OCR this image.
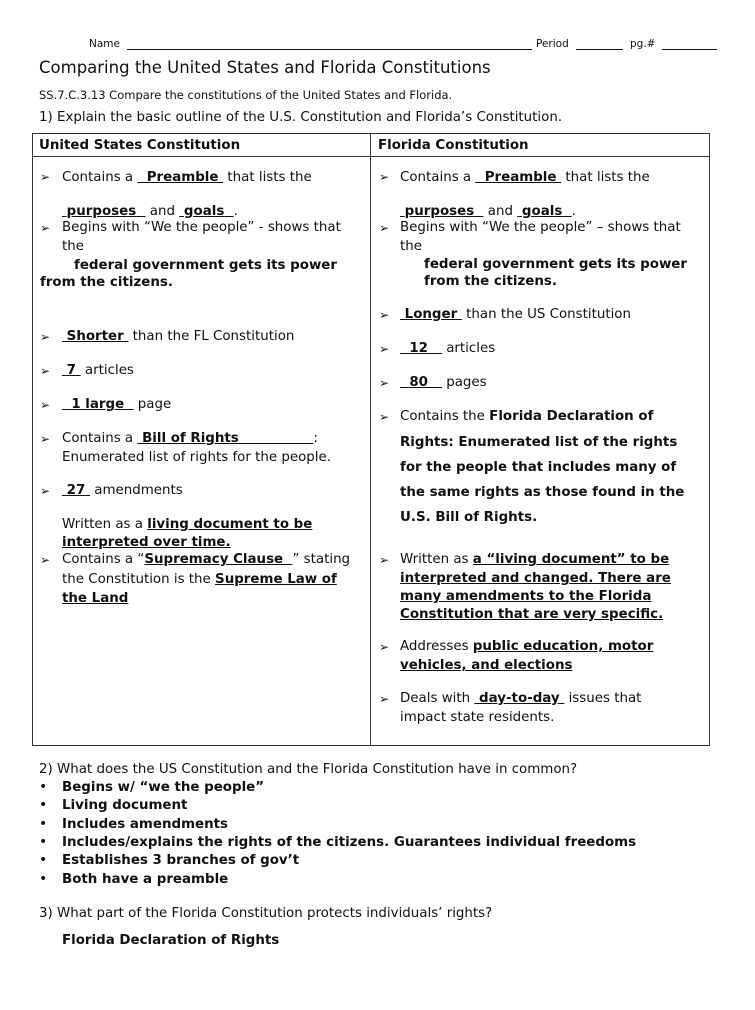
Name	Period	pg.#
Comparing the United States and Florida Constitutions
SS.7.C.3.13 Compare the constitutions of the United States and Florida.
1) Explain the basic outline of the U.S. Constitution and Florida’s Constitution.
United States Constitution	Florida Constitution
➢ Contains a   Preamble  that lists the
purposes   and  goals .
➢ Begins with “We the people” - shows that
the
federal government gets its power
from the citizens.
➢	Shorter  than the FL Constitution
➢	7  articles
➢	1 large   page
➢ Contains a  Bill of Rights	:
Enumerated list of rights for the people.
➢	27  amendments
Written as a living document to be
interpreted over time.
➢ Contains a “Supremacy Clause ” stating
the Constitution is the Supreme Law of
the Land
➢ Contains a   Preamble  that lists the
purposes   and  goals .
➢ Begins with “We the people” – shows that
the
federal government gets its power
from the citizens.
➢	Longer  than the US Constitution
➢	12    articles
➢	80    pages
➢ Contains the Florida Declaration of
Rights: Enumerated list of the rights
for the people that includes many of
the same rights as those found in the
U.S. Bill of Rights.
➢ Written as a “living document” to be
interpreted and changed. There are
many amendments to the Florida
Constitution that are very specific.
➢ Addresses public education, motor
vehicles, and elections
➢ Deals with  day-to-day  issues that
impact state residents.
2) What does the US Constitution and the Florida Constitution have in common?
• Begins w/ “we the people”
• Living document
• Includes amendments
• Includes/explains the rights of the citizens. Guarantees individual freedoms
• Establishes 3 branches of gov’t
• Both have a preamble
3) What part of the Florida Constitution protects individuals’ rights?
Florida Declaration of Rights
